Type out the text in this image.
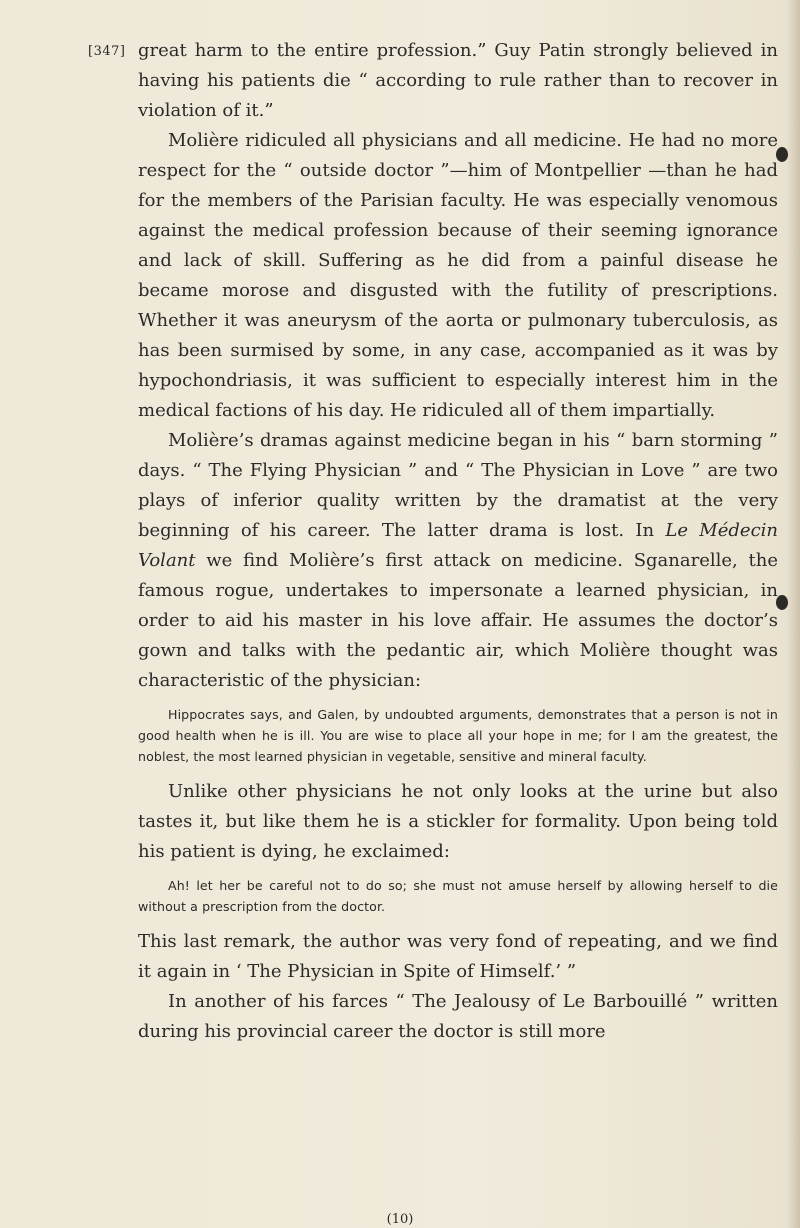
[347] great harm to the entire profession.” Guy Patin strongly believed in having his patients die “ according to rule rather than to recover in violation of it.”

Molière ridiculed all physicians and all medicine. He had no more respect for the “ outside doctor ”—him of Montpellier —than he had for the members of the Parisian faculty. He was especially venomous against the medical profession because of their seeming ignorance and lack of skill. Suffering as he did from a painful disease he became morose and disgusted with the futility of prescriptions. Whether it was aneurysm of the aorta or pulmonary tuberculosis, as has been surmised by some, in any case, accompanied as it was by hypochondriasis, it was sufficient to especially interest him in the medical factions of his day. He ridiculed all of them impartially.

Molière’s dramas against medicine began in his “ barn storming ” days. “ The Flying Physician ” and “ The Physician in Love ” are two plays of inferior quality written by the dramatist at the very beginning of his career. The latter drama is lost. In Le Médecin Volant we find Molière’s first attack on medicine. Sganarelle, the famous rogue, undertakes to impersonate a learned physician, in order to aid his master in his love affair. He assumes the doctor’s gown and talks with the pedantic air, which Molière thought was characteristic of the physician:

Hippocrates says, and Galen, by undoubted arguments, demonstrates that a person is not in good health when he is ill. You are wise to place all your hope in me; for I am the greatest, the noblest, the most learned physician in vegetable, sensitive and mineral faculty.

Unlike other physicians he not only looks at the urine but also tastes it, but like them he is a stickler for formality. Upon being told his patient is dying, he exclaimed:

Ah! let her be careful not to do so; she must not amuse herself by allowing herself to die without a prescription from the doctor.

This last remark, the author was very fond of repeating, and we find it again in ‘ The Physician in Spite of Himself.’ ”

In another of his farces “ The Jealousy of Le Barbouillé ” written during his provincial career the doctor is still more

(10)
